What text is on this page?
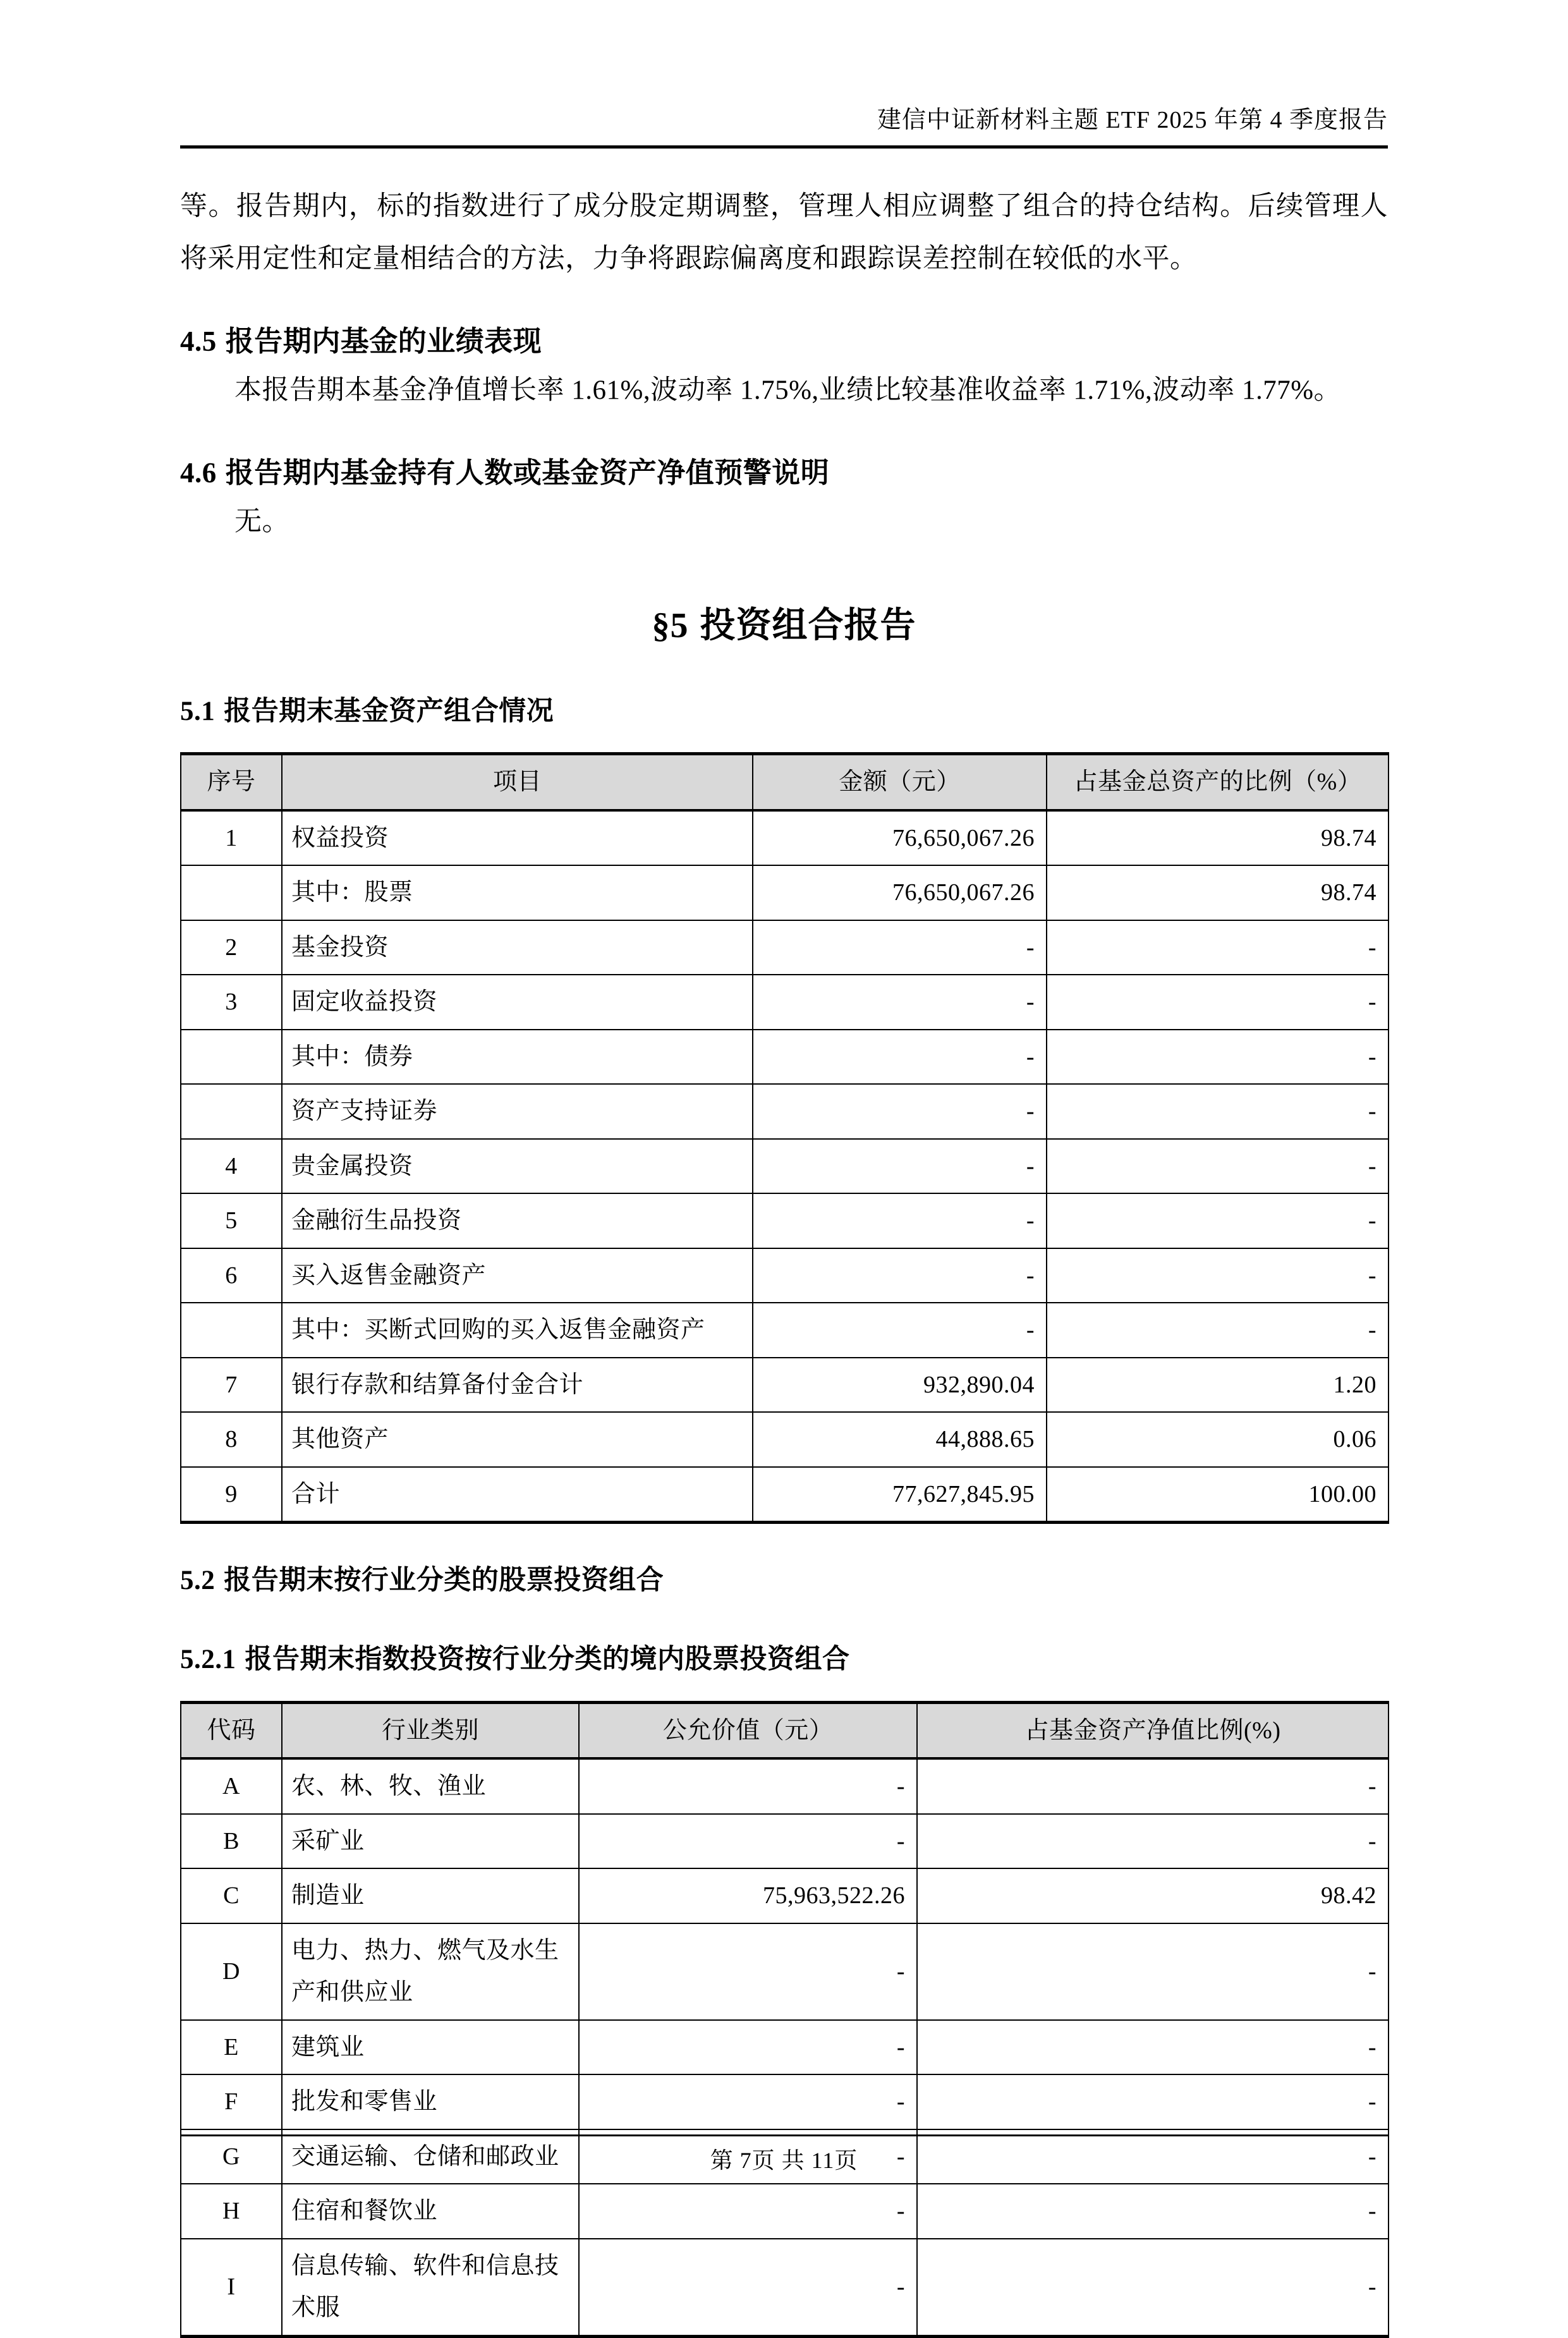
建信中证新材料主题 ETF 2025 年第 4 季度报告

等。报告期内，标的指数进行了成分股定期调整，管理人相应调整了组合的持仓结构。后续管理人将采用定性和定量相结合的方法，力争将跟踪偏离度和跟踪误差控制在较低的水平。

4.5 报告期内基金的业绩表现

本报告期本基金净值增长率 1.61%,波动率 1.75%,业绩比较基准收益率 1.71%,波动率 1.77%。

4.6 报告期内基金持有人数或基金资产净值预警说明

无。

§5 投资组合报告
5.1 报告期末基金资产组合情况
序号	项目	金额（元）	占基金总资产的比例（%）
1	权益投资	76,650,067.26	98.74
	其中：股票	76,650,067.26	98.74
2	基金投资	-	-
3	固定收益投资	-	-
	其中：债券	-	-
	资产支持证券	-	-
4	贵金属投资	-	-
5	金融衍生品投资	-	-
6	买入返售金融资产	-	-
	其中：买断式回购的买入返售金融资产	-	-
7	银行存款和结算备付金合计	932,890.04	1.20
8	其他资产	44,888.65	0.06
9	合计	77,627,845.95	100.00
5.2 报告期末按行业分类的股票投资组合
5.2.1 报告期末指数投资按行业分类的境内股票投资组合
代码	行业类别	公允价值（元）	占基金资产净值比例(%)
A	农、林、牧、渔业	-	-
B	采矿业	-	-
C	制造业	75,963,522.26	98.42
D	电力、热力、燃气及水生产和供应业	-	-
E	建筑业	-	-
F	批发和零售业	-	-
G	交通运输、仓储和邮政业	-	-
H	住宿和餐饮业	-	-
I	信息传输、软件和信息技术服	-	-
第 7页 共 11页
